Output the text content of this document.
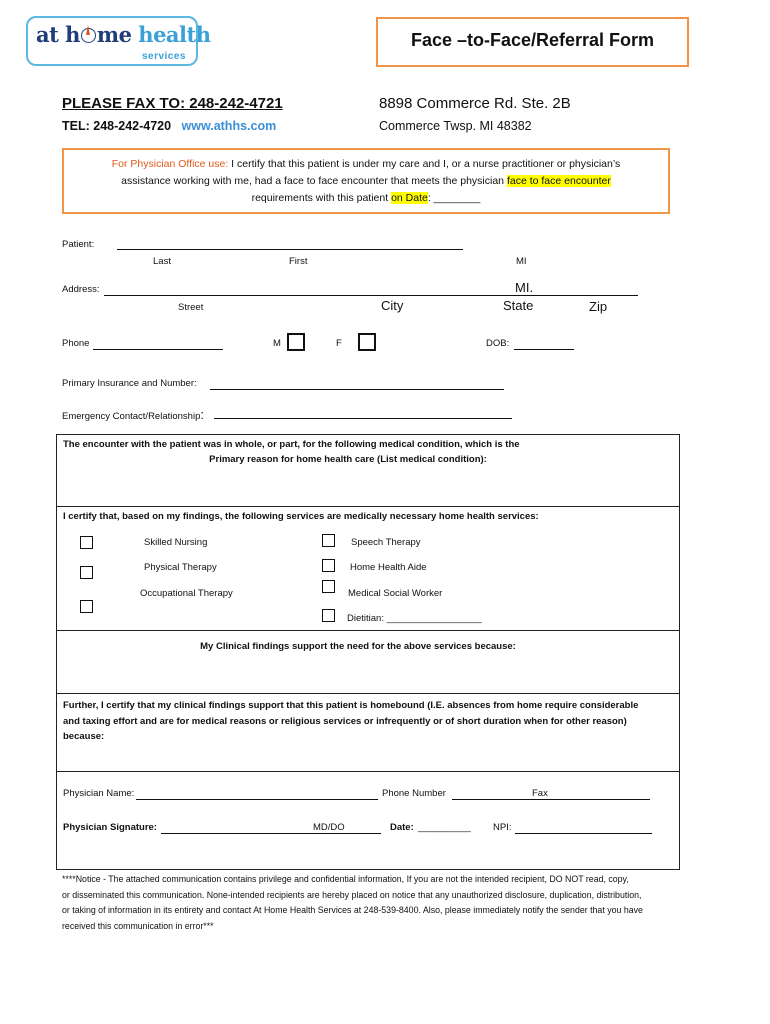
at h me health
services
Face –to-Face/Referral Form
PLEASE FAX TO: 248-242-4721
TEL: 248-242-4720 www.athhs.com
8898 Commerce Rd. Ste. 2B
Commerce Twsp. MI 48382
For Physician Office use: I certify that this patient is under my care and I, or a nurse practitioner or physician’s
assistance working with me, had a face to face encounter that meets the physician face to face encounter
requirements with this patient on Date: ________
Patient:
Last	First	MI
Address:	MI.
Street	City	State	Zip
Phone	M	F	DOB:
Primary Insurance and Number:
Emergency Contact/Relationship:
The encounter with the patient was in whole, or part, for the following medical condition, which is the
Primary reason for home health care (List medical condition):
I certify that, based on my findings, the following services are medically necessary home health services:
Skilled Nursing
Physical Therapy
Occupational Therapy
Speech Therapy
Home Health Aide
Medical Social Worker
Dietitian: __________________
My Clinical findings support the need for the above services because:
Further, I certify that my clinical findings support that this patient is homebound (I.E. absences from home require considerable
and taxing effort and are for medical reasons or religious services or infrequently or of short duration when for other reason)
because:
Physician Name:	Phone Number	Fax
Physician Signature:	MD/DO	Date: __________ NPI:
****Notice - The attached communication contains privilege and confidential information, If you are not the intended recipient, DO NOT read, copy,
or disseminated this communication. None-intended recipients are hereby placed on notice that any unauthorized disclosure, duplication, distribution,
or taking of information in its entirety and contact At Home Health Services at 248-539-8400. Also, please immediately notify the sender that you have
received this communication in error***
